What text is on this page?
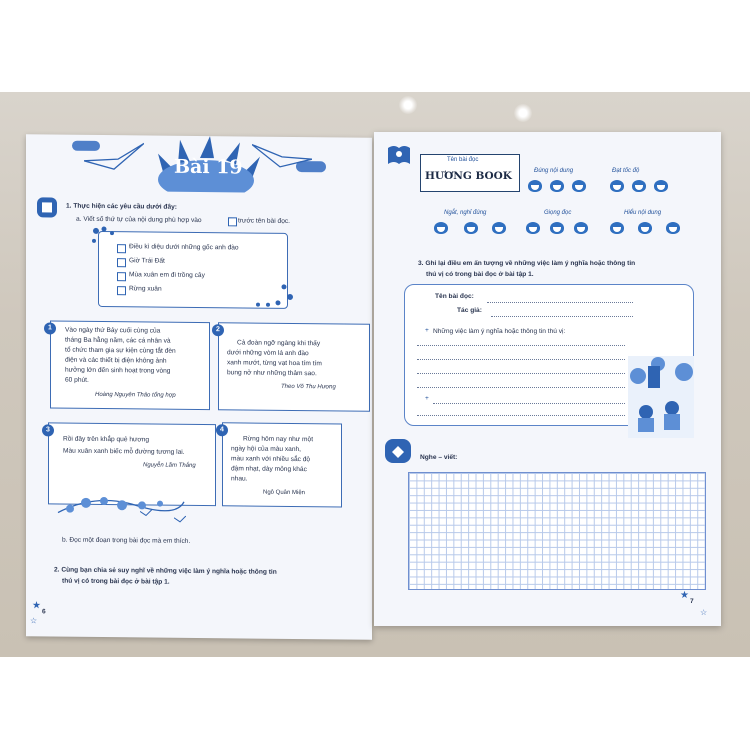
Bài 19
1. Thực hiện các yêu cầu dưới đây:
a. Viết số thứ tự của nội dung phù hợp vào	trước tên bài đọc.
Điều kì diệu dưới những gốc anh đào
Giờ Trái Đất
Mùa xuân em đi trồng cây
Rừng xuân
Vào ngày thứ Bảy cuối cùng của
tháng Ba hằng năm, các cá nhân và
tổ chức tham gia sự kiện cùng tắt đèn
điện và các thiết bị điện không ảnh
hưởng lớn đến sinh hoạt trong vòng
60 phút.
Hoàng Nguyên Thảo tổng hợp
1
Cả đoàn ngỡ ngàng khi thấy
dưới những vòm lá anh đào
xanh mướt, từng vạt hoa tím tím
bung nở như những thảm sao.
Theo Võ Thu Hương
2
Rồi đây trên khắp quê hương
Màu xuân xanh biếc mỗ đường tương lai.
Nguyễn Lãm Thắng
3
Rừng hôm nay như một
ngày hội của màu xanh,
màu xanh với nhiều sắc độ
đậm nhạt, dày mỏng khác
nhau.
Ngô Quân Miện
4
b. Đọc một đoạn trong bài đọc mà em thích.
2. Cùng bạn chia sẻ suy nghĩ về những việc làm ý nghĩa hoặc thông tin
thú vị có trong bài đọc ở bài tập 1.
★
6
☆
Tên bài đọc
HƯƠNG BOOK	Đúng nội dung	Đạt tốc độ
Ngắt, nghỉ đúng	Giọng đọc	Hiểu nội dung
3. Ghi lại điều em ấn tượng về những việc làm ý nghĩa hoặc thông tin
thú vị có trong bài đọc ở bài tập 1.
Tên bài đọc:
Tác giả:
+ Những việc làm ý nghĩa hoặc thông tin thú vị:
+
Nghe – viết:
★
7
☆
